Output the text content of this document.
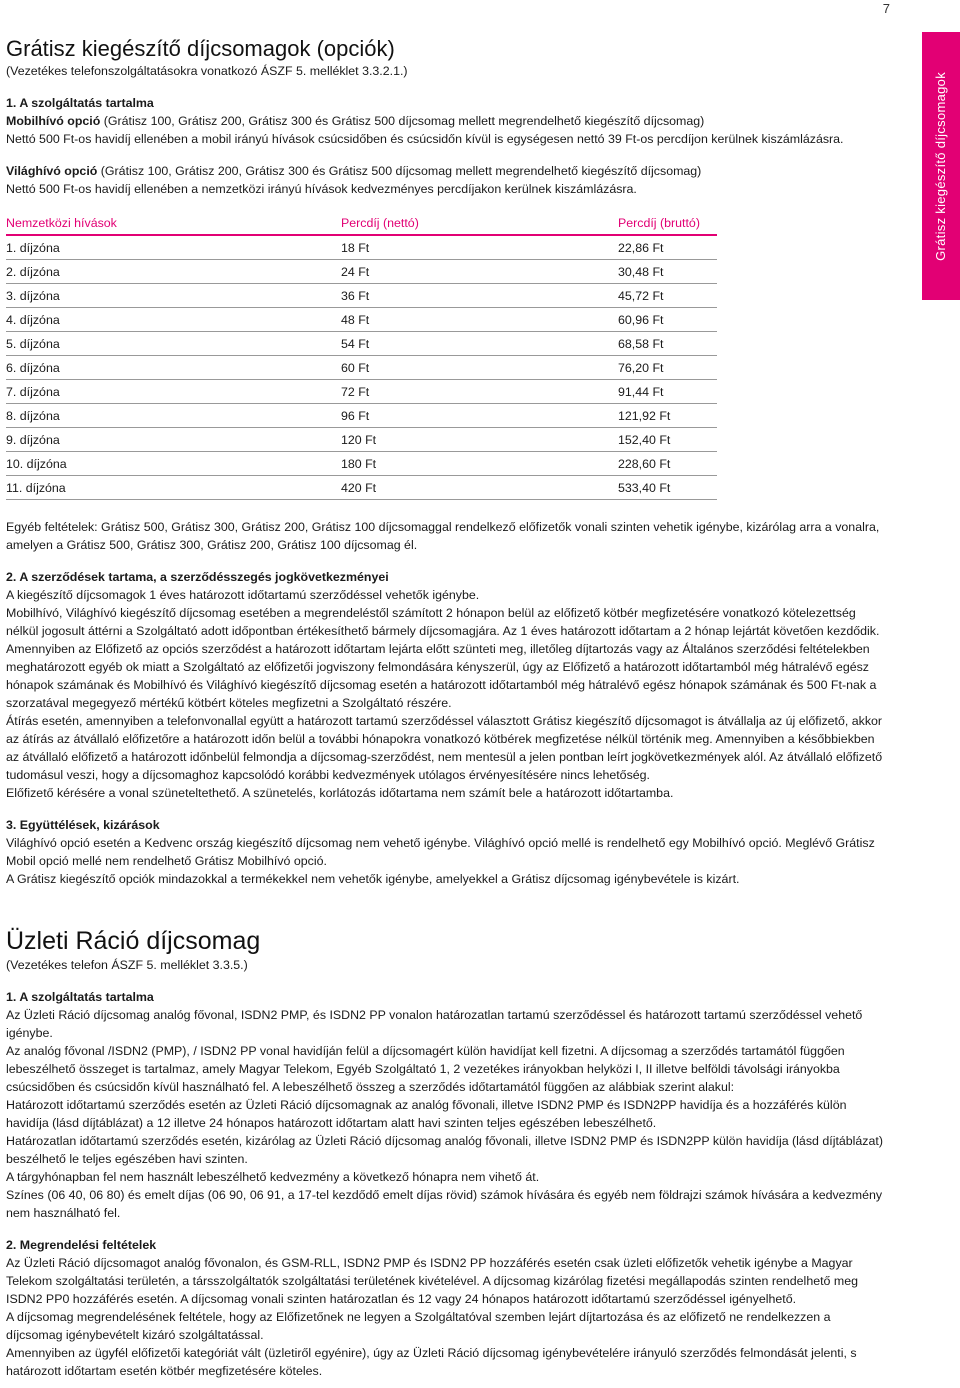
7
Grátisz kiegészítő díjcsomagok
Grátisz kiegészítő díjcsomagok (opciók)

(Vezetékes telefonszolgáltatásokra vonatkozó ÁSZF 5. melléklet 3.3.2.1.)

1. A szolgáltatás tartalma

Mobilhívó opció (Grátisz 100, Grátisz 200, Grátisz 300 és Grátisz 500 díjcsomag mellett megrendelhető kiegészítő díjcsomag)

Nettó 500 Ft-os havidíj ellenében a mobil irányú hívások csúcsidőben és csúcsidőn kívül is egységesen nettó 39 Ft-os percdíjon kerülnek kiszámlázásra.

Világhívó opció (Grátisz 100, Grátisz 200, Grátisz 300 és Grátisz 500 díjcsomag mellett megrendelhető kiegészítő díjcsomag)

Nettó 500 Ft-os havidíj ellenében a nemzetközi irányú hívások kedvezményes percdíjakon kerülnek kiszámlázásra.

Nemzetközi hívások	Percdíj (nettó)	Percdíj (bruttó)
1. díjzóna	18 Ft	22,86 Ft
2. díjzóna	24 Ft	30,48 Ft
3. díjzóna	36 Ft	45,72 Ft
4. díjzóna	48 Ft	60,96 Ft
5. díjzóna	54 Ft	68,58 Ft
6. díjzóna	60 Ft	76,20 Ft
7. díjzóna	72 Ft	91,44 Ft
8. díjzóna	96 Ft	121,92 Ft
9. díjzóna	120 Ft	152,40 Ft
10. díjzóna	180 Ft	228,60 Ft
11. díjzóna	420 Ft	533,40 Ft

Egyéb feltételek: Grátisz 500, Grátisz 300, Grátisz 200, Grátisz 100 díjcsomaggal rendelkező előfizetők vonali szinten vehetik igénybe, kizárólag arra a vonalra, amelyen a Grátisz 500, Grátisz 300, Grátisz 200, Grátisz 100 díjcsomag él.

2. A szerződések tartama, a szerződésszegés jogkövetkezményei

A kiegészítő díjcsomagok 1 éves határozott időtartamú szerződéssel vehetők igénybe.

Mobilhívó, Világhívó kiegészítő díjcsomag esetében a megrendeléstől számított 2 hónapon belül az előfizető kötbér megfizetésére vonatkozó kötelezettség nélkül jogosult áttérni a Szolgáltató adott időpontban értékesíthető bármely díjcsomagjára. Az 1 éves határozott időtartam a 2 hónap lejártát követően kezdődik.

Amennyiben az Előfizető az opciós szerződést a határozott időtartam lejárta előtt szünteti meg, illetőleg díjtartozás vagy az Általános szerződési feltételekben meghatározott egyéb ok miatt a Szolgáltató az előfizetői jogviszony felmondására kényszerül, úgy az Előfizető a határozott időtartamból még hátralévő egész hónapok számának és Mobilhívó és Világhívó kiegészítő díjcsomag esetén a határozott időtartamból még hátralévő egész hónapok számának és 500 Ft-nak a szorzatával megegyező mértékű kötbért köteles megfizetni a Szolgáltató részére.

Átírás esetén, amennyiben a telefonvonallal együtt a határozott tartamú szerződéssel választott Grátisz kiegészítő díjcsomagot is átvállalja az új előfizető, akkor az átírás az átvállaló előfizetőre a határozott időn belül a további hónapokra vonatkozó kötbérek megfizetése nélkül történik meg. Amennyiben a későbbiekben az átvállaló előfizető a határozott időnbelül felmondja a díjcsomag-szerződést, nem mentesül a jelen pontban leírt jogkövetkezmények alól. Az átvállaló előfizető tudomásul veszi, hogy a díjcsomaghoz kapcsolódó korábbi kedvezmények utólagos érvényesítésére nincs lehetőség.

Előfizető kérésére a vonal szüneteltethető. A szünetelés, korlátozás időtartama nem számít bele a határozott időtartamba.

3. Együttélések, kizárások

Világhívó opció esetén a Kedvenc ország kiegészítő díjcsomag nem vehető igénybe. Világhívó opció mellé is rendelhető egy Mobilhívó opció. Meglévő Grátisz Mobil opció mellé nem rendelhető Grátisz Mobilhívó opció.

A Grátisz kiegészítő opciók mindazokkal a termékekkel nem vehetők igénybe, amelyekkel a Grátisz díjcsomag igénybevétele is kizárt.

Üzleti Ráció díjcsomag

(Vezetékes telefon ÁSZF 5. melléklet 3.3.5.)

1. A szolgáltatás tartalma

Az Üzleti Ráció díjcsomag analóg fővonal, ISDN2 PMP, és ISDN2 PP vonalon határozatlan tartamú szerződéssel és határozott tartamú szerződéssel vehető igénybe.

Az analóg fővonal /ISDN2 (PMP), / ISDN2 PP vonal havidíján felül a díjcsomagért külön havidíjat kell fizetni. A díjcsomag a szerződés tartamától függően lebeszélhető összeget is tartalmaz, amely Magyar Telekom, Egyéb Szolgáltató 1, 2 vezetékes irányokban helyközi I, II illetve belföldi távolsági irányokba csúcsidőben és csúcsidőn kívül használható fel. A lebeszélhető összeg a szerződés időtartamától függően az alábbiak szerint alakul:

Határozott időtartamú szerződés esetén az Üzleti Ráció díjcsomagnak az analóg fővonali, illetve ISDN2 PMP és ISDN2PP havidíja és a hozzáférés külön havidíja (lásd díjtáblázat) a 12 illetve 24 hónapos határozott időtartam alatt havi szinten teljes egészében lebeszélhető.

Határozatlan időtartamú szerződés esetén, kizárólag az Üzleti Ráció díjcsomag analóg fővonali, illetve ISDN2 PMP és ISDN2PP külön havidíja (lásd díjtáblázat) beszélhető le teljes egészében havi szinten.

A tárgyhónapban fel nem használt lebeszélhető kedvezmény a következő hónapra nem vihető át.

Színes (06 40, 06 80) és emelt díjas (06 90, 06 91, a 17-tel kezdődő emelt díjas rövid) számok hívására és egyéb nem földrajzi számok hívására a kedvezmény nem használható fel.

2. Megrendelési feltételek

Az Üzleti Ráció díjcsomagot analóg fővonalon, és GSM-RLL, ISDN2 PMP és ISDN2 PP hozzáférés esetén csak üzleti előfizetők vehetik igénybe a Magyar Telekom szolgáltatási területén, a társszolgáltatók szolgáltatási területének kivételével. A díjcsomag kizárólag fizetési megállapodás szinten rendelhető meg ISDN2 PP0 hozzáférés esetén. A díjcsomag vonali szinten határozatlan és 12 vagy 24 hónapos határozott időtartamú szerződéssel igényelhető.

A díjcsomag megrendelésének feltétele, hogy az Előfizetőnek ne legyen a Szolgáltatóval szemben lejárt díjtartozása és az előfizető ne rendelkezzen a díjcsomag igénybevételt kizáró szolgáltatással.

Amennyiben az ügyfél előfizetői kategóriát vált (üzletiről egyénire), úgy az Üzleti Ráció díjcsomag igénybevételére irányuló szerződés felmondását jelenti, s határozott időtartam esetén kötbér megfizetésére köteles.
